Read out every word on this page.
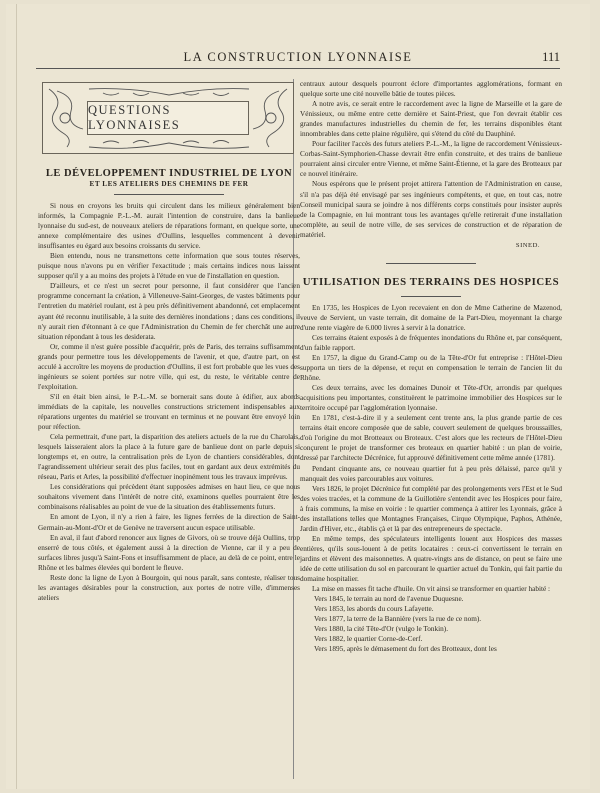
LA CONSTRUCTION LYONNAISE	111
QUESTIONS LYONNAISES
LE DÉVELOPPEMENT INDUSTRIEL DE LYON
ET LES ATELIERS DES CHEMINS DE FER

Si nous en croyons les bruits qui circulent dans les milieux généralement bien informés, la Compagnie P.-L.-M. aurait l'intention de construire, dans la banlieue lyonnaise du sud-est, de nouveaux ateliers de réparations formant, en quelque sorte, une annexe complémentaire des usines d'Oullins, lesquelles commencent à devenir insuffisantes eu égard aux besoins croissants du service.

Bien entendu, nous ne transmettons cette information que sous toutes réserves, puisque nous n'avons pu en vérifier l'exactitude ; mais certains indices nous laissent supposer qu'il y a au moins des projets à l'étude en vue de l'installation en question.

D'ailleurs, et ce n'est un secret pour personne, il faut considérer que l'ancien programme concernant la création, à Villeneuve-Saint-Georges, de vastes bâtiments pour l'entretien du matériel roulant, est à peu près définitivement abandonné, cet emplacement ayant été reconnu inutilisable, à la suite des dernières inondations ; dans ces conditions, il n'y aurait rien d'étonnant à ce que l'Administration du Chemin de fer cherchât une autre situation répondant à tous les desiderata.

Or, comme il n'est guère possible d'acquérir, près de Paris, des terrains suffisamment grands pour permettre tous les développements de l'avenir, et que, d'autre part, on est acculé à accroître les moyens de production d'Oullins, il est fort probable que les vues des ingénieurs se soient portées sur notre ville, qui est, du reste, le véritable centre de l'exploitation.

S'il en était bien ainsi, le P.-L.-M. se bornerait sans doute à édifier, aux abords immédiats de la capitale, les nouvelles constructions strictement indispensables aux réparations urgentes du matériel se trouvant en terminus et ne pouvant être envoyé loin pour réfection.

Cela permettrait, d'une part, la disparition des ateliers actuels de la rue du Charolais, lesquels laisseraient alors la place à la future gare de banlieue dont on parle depuis si longtemps et, en outre, la centralisation près de Lyon de chantiers considérables, dont l'agrandissement ultérieur serait des plus faciles, tout en gardant aux deux extrémités du réseau, Paris et Arles, la possibilité d'effectuer inopinément tous les travaux imprévus.

Les considérations qui précèdent étant supposées admises en haut lieu, ce que nous souhaitons vivement dans l'intérêt de notre cité, examinons quelles pourraient être les combinaisons réalisables au point de vue de la situation des établissements futurs.

En amont de Lyon, il n'y a rien à faire, les lignes ferrées de la direction de Saint-Germain-au-Mont-d'Or et de Genève ne traversent aucun espace utilisable.

En aval, il faut d'abord renoncer aux lignes de Givors, où se trouve déjà Oullins, trop enserré de tous côtés, et également aussi à la direction de Vienne, car il y a peu de surfaces libres jusqu'à Saint-Fons et insuffisamment de place, au delà de ce point, entre le Rhône et les balmes élevées qui bordent le fleuve.

Reste donc la ligne de Lyon à Bourgoin, qui nous paraît, sans conteste, réaliser tous les avantages désirables pour la construction, aux portes de notre ville, d'immenses ateliers

centraux autour desquels pourront éclore d'importantes agglomérations, formant en quelque sorte une cité nouvelle bâtie de toutes pièces.

A notre avis, ce serait entre le raccordement avec la ligne de Marseille et la gare de Vénissieux, ou même entre cette dernière et Saint-Priest, que l'on devrait établir ces grandes manufactures industrielles du chemin de fer, les terrains disponibles étant innombrables dans cette plaine régulière, qui s'étend du côté du Dauphiné.

Pour faciliter l'accès des futurs ateliers P.-L.-M., la ligne de raccordement Vénissieux-Corbas-Saint-Symphorien-Chasse devrait être enfin construite, et des trains de banlieue pourraient ainsi circuler entre Vienne, et même Saint-Étienne, et la gare des Brotteaux par ce nouvel itinéraire.

Nous espérons que le présent projet attirera l'attention de l'Administration en cause, s'il n'a pas déjà été envisagé par ses ingénieurs compétents, et que, en tout cas, notre Conseil municipal saura se joindre à nos différents corps constitués pour insister auprès de la Compagnie, en lui montrant tous les avantages qu'elle retirerait d'une installation complète, au seuil de notre ville, de ses services de construction et de réparation de matériel.

SINED.
UTILISATION DES TERRAINS DES HOSPICES

En 1735, les Hospices de Lyon recevaient en don de Mme Catherine de Mazenod, veuve de Servient, un vaste terrain, dit domaine de la Part-Dieu, moyennant la charge d'une rente viagère de 6.000 livres à servir à la donatrice.

Ces terrains étaient exposés à de fréquentes inondations du Rhône et, par conséquent, d'un faible rapport.

En 1757, la digue du Grand-Camp ou de la Tête-d'Or fut entreprise : l'Hôtel-Dieu supporta un tiers de la dépense, et reçut en compensation le terrain de l'ancien lit du Rhône.

Ces deux terrains, avec les domaines Dunoir et Tête-d'Or, arrondis par quelques acquisitions peu importantes, constituèrent le patrimoine immobilier des Hospices sur le territoire occupé par l'agglomération lyonnaise.

En 1781, c'est-à-dire il y a seulement cent trente ans, la plus grande partie de ces terrains était encore composée que de sable, couvert seulement de quelques broussailles, d'où l'origine du mot Brotteaux ou Broteaux. C'est alors que les recteurs de l'Hôtel-Dieu conçurent le projet de transformer ces broteaux en quartier habité : un plan de voirie, dressé par l'architecte Décrénice, fut approuvé définitivement cette même année (1781).

Pendant cinquante ans, ce nouveau quartier fut à peu près délaissé, parce qu'il y manquait des voies parcourables aux voitures.

Vers 1826, le projet Décrénice fut complété par des prolongements vers l'Est et le Sud des voies tracées, et la commune de la Guillotière s'entendit avec les Hospices pour faire, à frais communs, la mise en voirie : le quartier commença à attirer les Lyonnais, grâce à des installations telles que Montagnes Françaises, Cirque Olympique, Paphos, Athénée, Jardin d'Hiver, etc., établis çà et là par des entrepreneurs de spectacle.

En même temps, des spéculateurs intelligents louent aux Hospices des masses entières, qu'ils sous-louent à de petits locataires : ceux-ci convertissent le terrain en jardins et élèvent des maisonnettes. A quatre-vingts ans de distance, on peut se faire une idée de cette utilisation du sol en parcourant le quartier actuel du Tonkin, qui fait partie du domaine hospitalier.

La mise en masses fit tache d'huile. On vit ainsi se transformer en quartier habité :

Vers 1845, le terrain au nord de l'avenue Duquesne.
Vers 1853, les abords du cours Lafayette.
Vers 1877, la terre de la Bannière (vers la rue de ce nom).
Vers 1880, la cité Tête-d'Or (vulgo le Tonkin).
Vers 1882, le quartier Corne-de-Cerf.
Vers 1895, après le démasement du fort des Brotteaux, dont les
